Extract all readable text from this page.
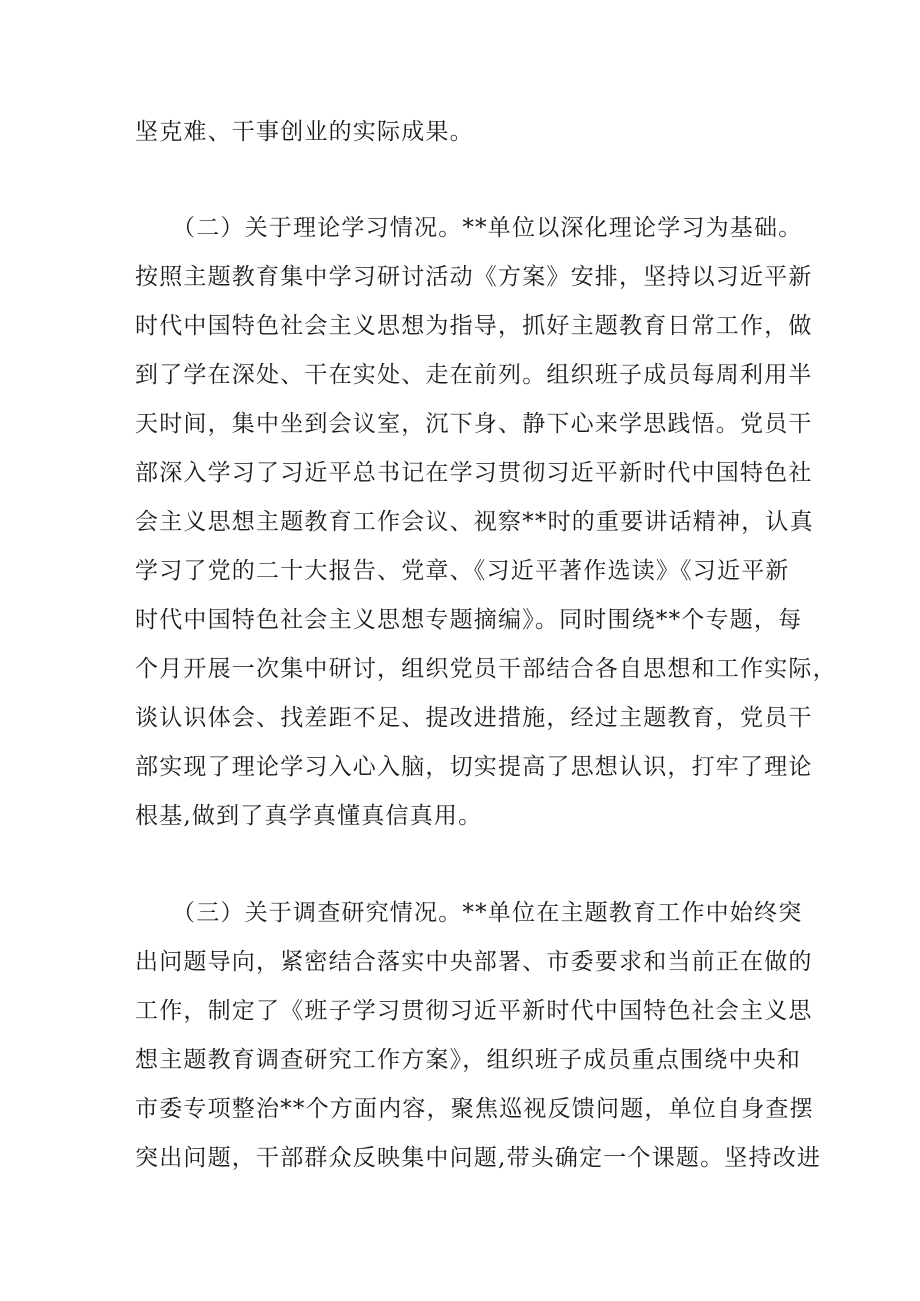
坚克难、干事创业的实际成果。
（二）关于理论学习情况。**单位以深化理论学习为基础。
按照主题教育集中学习研讨活动《方案》安排，坚持以习近平新
时代中国特色社会主义思想为指导，抓好主题教育日常工作，做
到了学在深处、干在实处、走在前列。组织班子成员每周利用半
天时间，集中坐到会议室，沉下身、静下心来学思践悟。党员干
部深入学习了习近平总书记在学习贯彻习近平新时代中国特色社
会主义思想主题教育工作会议、视察**时的重要讲话精神，认真
学习了党的二十大报告、党章、《习近平著作选读》《习近平新
时代中国特色社会主义思想专题摘编》。同时围绕**个专题，每
个月开展一次集中研讨，组织党员干部结合各自思想和工作实际，
谈认识体会、找差距不足、提改进措施，经过主题教育，党员干
部实现了理论学习入心入脑，切实提高了思想认识，打牢了理论
根基,做到了真学真懂真信真用。
（三）关于调查研究情况。**单位在主题教育工作中始终突
出问题导向，紧密结合落实中央部署、市委要求和当前正在做的
工作，制定了《班子学习贯彻习近平新时代中国特色社会主义思
想主题教育调查研究工作方案》，组织班子成员重点围绕中央和
市委专项整治**个方面内容，聚焦巡视反馈问题，单位自身查摆
突出问题，干部群众反映集中问题,带头确定一个课题。坚持改进
